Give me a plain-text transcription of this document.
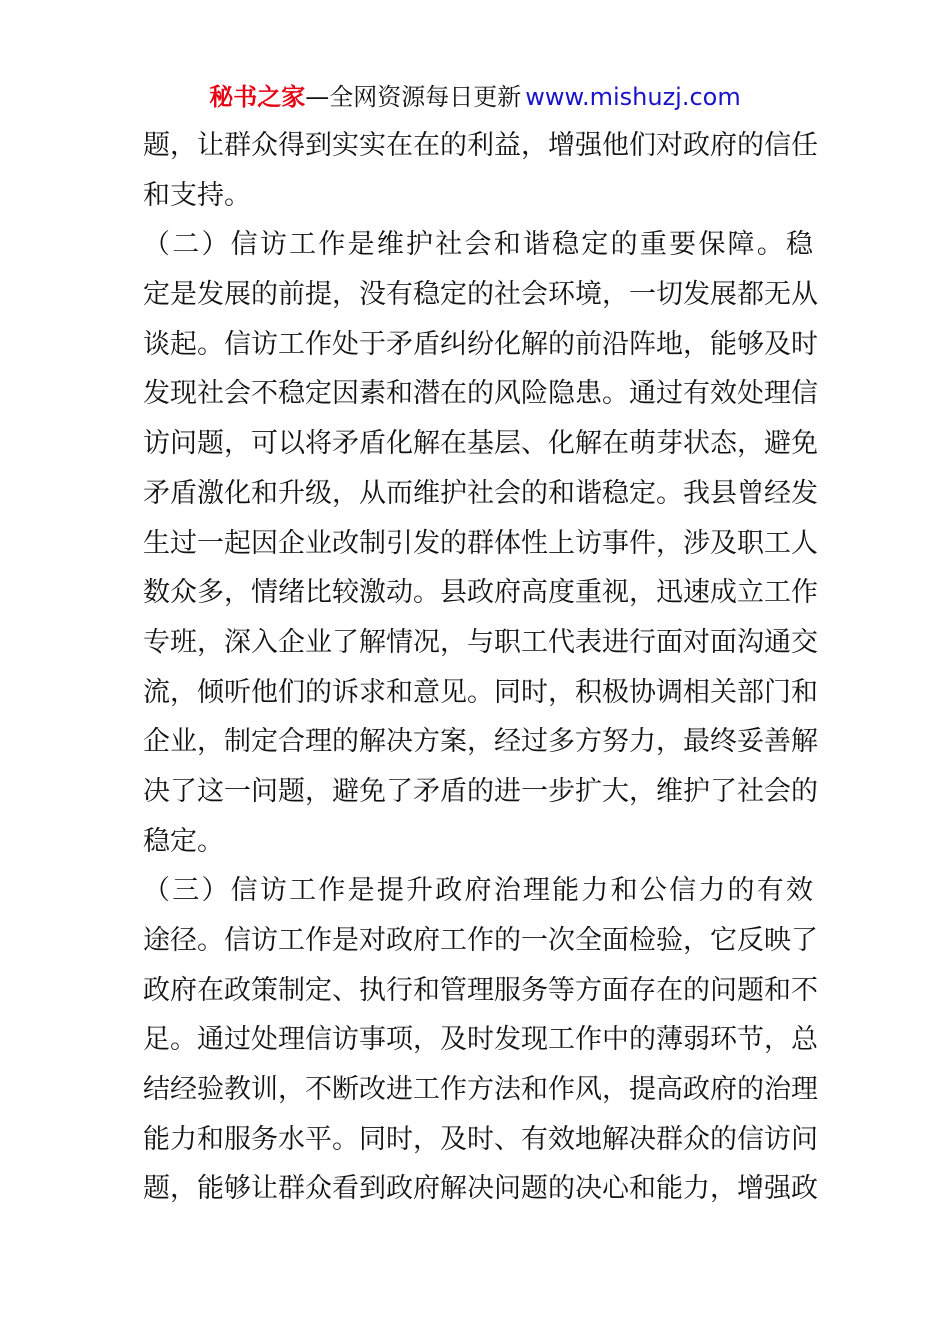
秘书之家—全网资源每日更新 www.mishuzj.com
题，让群众得到实实在在的利益，增强他们对政府的信任
和支持。
（二）信访工作是维护社会和谐稳定的重要保障。稳
定是发展的前提，没有稳定的社会环境，一切发展都无从
谈起。信访工作处于矛盾纠纷化解的前沿阵地，能够及时
发现社会不稳定因素和潜在的风险隐患。通过有效处理信
访问题，可以将矛盾化解在基层、化解在萌芽状态，避免
矛盾激化和升级，从而维护社会的和谐稳定。我县曾经发
生过一起因企业改制引发的群体性上访事件，涉及职工人
数众多，情绪比较激动。县政府高度重视，迅速成立工作
专班，深入企业了解情况，与职工代表进行面对面沟通交
流，倾听他们的诉求和意见。同时，积极协调相关部门和
企业，制定合理的解决方案，经过多方努力，最终妥善解
决了这一问题，避免了矛盾的进一步扩大，维护了社会的
稳定。
（三）信访工作是提升政府治理能力和公信力的有效
途径。信访工作是对政府工作的一次全面检验，它反映了
政府在政策制定、执行和管理服务等方面存在的问题和不
足。通过处理信访事项，及时发现工作中的薄弱环节，总
结经验教训，不断改进工作方法和作风，提高政府的治理
能力和服务水平。同时，及时、有效地解决群众的信访问
题，能够让群众看到政府解决问题的决心和能力，增强政
